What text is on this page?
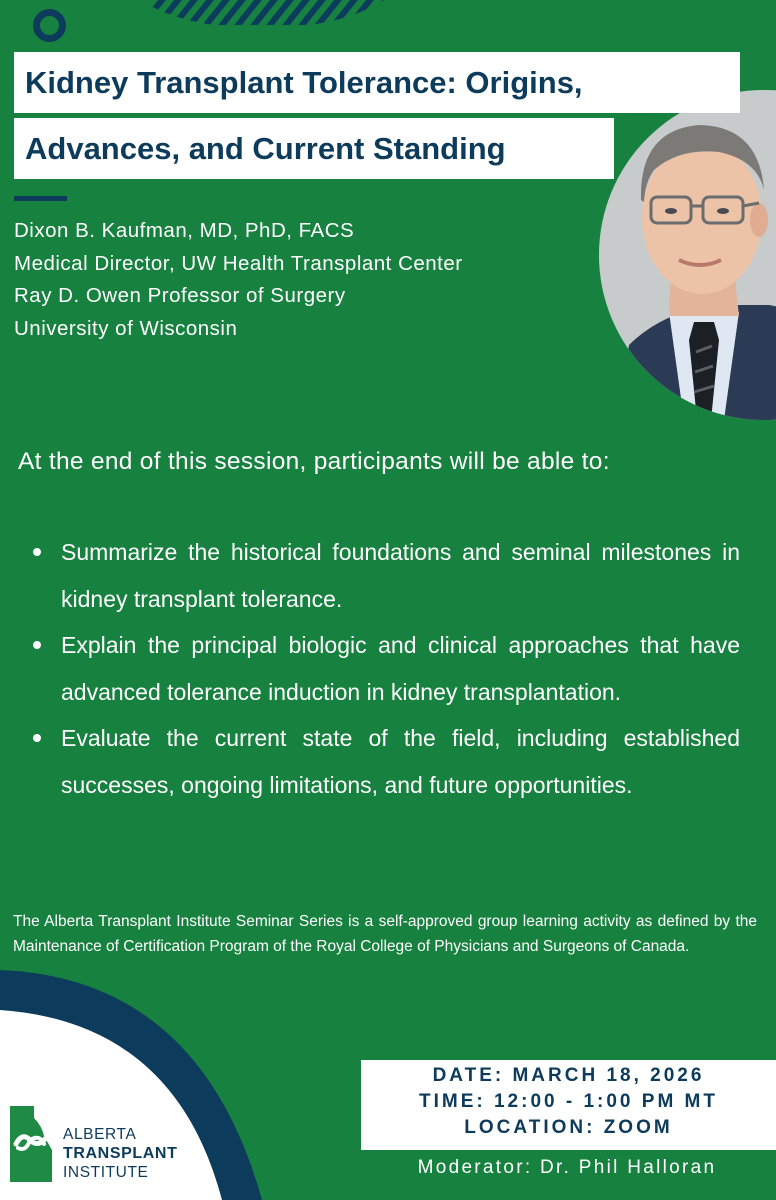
Kidney Transplant Tolerance: Origins,
Advances, and Current Standing
Dixon B. Kaufman, MD, PhD, FACS
Medical Director, UW Health Transplant Center
Ray D. Owen Professor of Surgery
University of Wisconsin
At the end of this session, participants will be able to:
Summarize the historical foundations and seminal milestones in kidney transplant tolerance.
Explain the principal biologic and clinical approaches that have advanced tolerance induction in kidney transplantation.
Evaluate the current state of the field, including established successes, ongoing limitations, and future opportunities.
The Alberta Transplant Institute Seminar Series is a self-approved group learning activity as defined by the Maintenance of Certification Program of the Royal College of Physicians and Surgeons of Canada.
ALBERTA
TRANSPLANT
INSTITUTE
DATE: MARCH 18, 2026
TIME: 12:00 - 1:00 PM MT
LOCATION: ZOOM
Moderator: Dr. Phil Halloran
